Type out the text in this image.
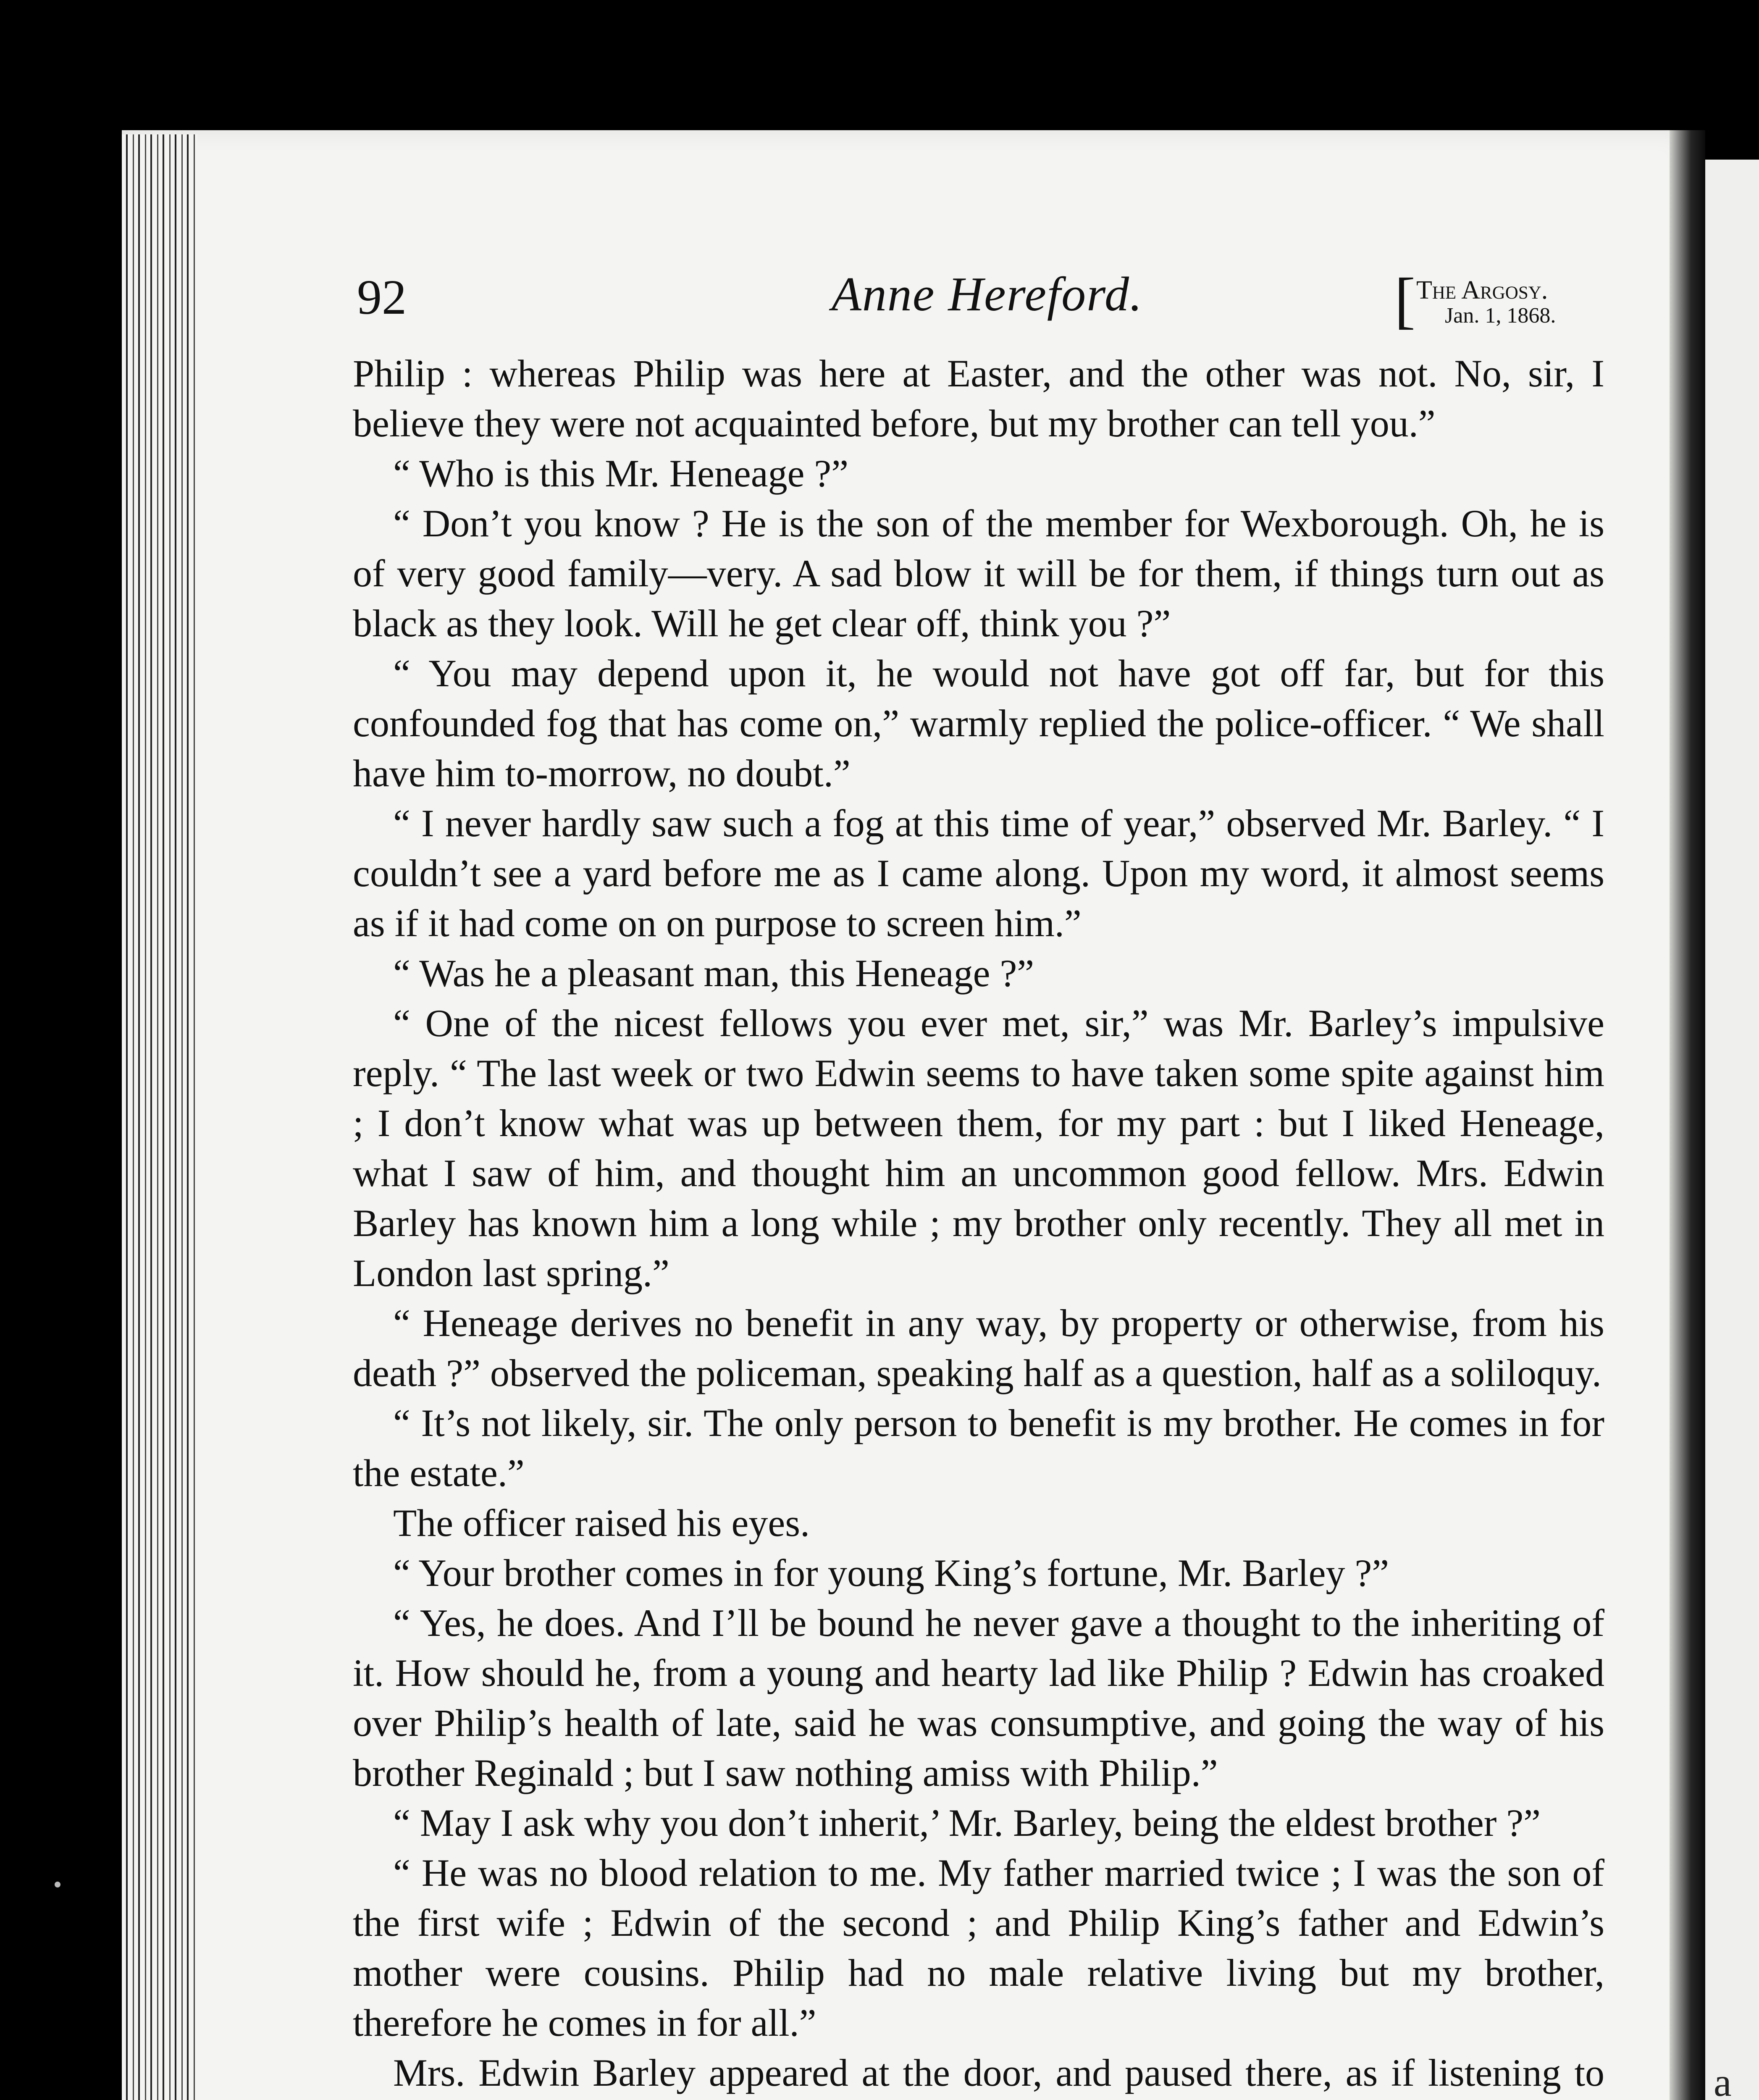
a
92	Anne Hereford.	[ The Argosy.
Jan. 1, 1868.

Philip : whereas Philip was here at Easter, and the other was not. No, sir, I believe they were not acquainted before, but my brother can tell you.”

“ Who is this Mr. Heneage ?”

“ Don’t you know ? He is the son of the member for Wexborough. Oh, he is of very good family—very. A sad blow it will be for them, if things turn out as black as they look. Will he get clear off, think you ?”

“ You may depend upon it, he would not have got off far, but for this confounded fog that has come on,” warmly replied the police-officer. “ We shall have him to-morrow, no doubt.”

“ I never hardly saw such a fog at this time of year,” observed Mr. Barley. “ I couldn’t see a yard before me as I came along. Upon my word, it almost seems as if it had come on on purpose to screen him.”

“ Was he a pleasant man, this Heneage ?”

“ One of the nicest fellows you ever met, sir,” was Mr. Barley’s impulsive reply. “ The last week or two Edwin seems to have taken some spite against him ; I don’t know what was up between them, for my part : but I liked Heneage, what I saw of him, and thought him an uncommon good fellow. Mrs. Edwin Barley has known him a long while ; my brother only recently. They all met in London last spring.”

“ Heneage derives no benefit in any way, by property or otherwise, from his death ?” observed the policeman, speaking half as a question, half as a soliloquy.

“ It’s not likely, sir. The only person to benefit is my brother. He comes in for the estate.”

The officer raised his eyes.

“ Your brother comes in for young King’s fortune, Mr. Barley ?”

“ Yes, he does. And I’ll be bound he never gave a thought to the inheriting of it. How should he, from a young and hearty lad like Philip ? Edwin has croaked over Philip’s health of late, said he was consumptive, and going the way of his brother Reginald ; but I saw nothing amiss with Philip.”

“ May I ask why you don’t inherit,’ Mr. Barley, being the eldest brother ?”

“ He was no blood relation to me. My father married twice ; I was the son of the first wife ; Edwin of the second ; and Philip King’s father and Edwin’s mother were cousins. Philip had no male relative living but my brother, therefore he comes in for all.”

Mrs. Edwin Barley appeared at the door, and paused there, as if listening to
